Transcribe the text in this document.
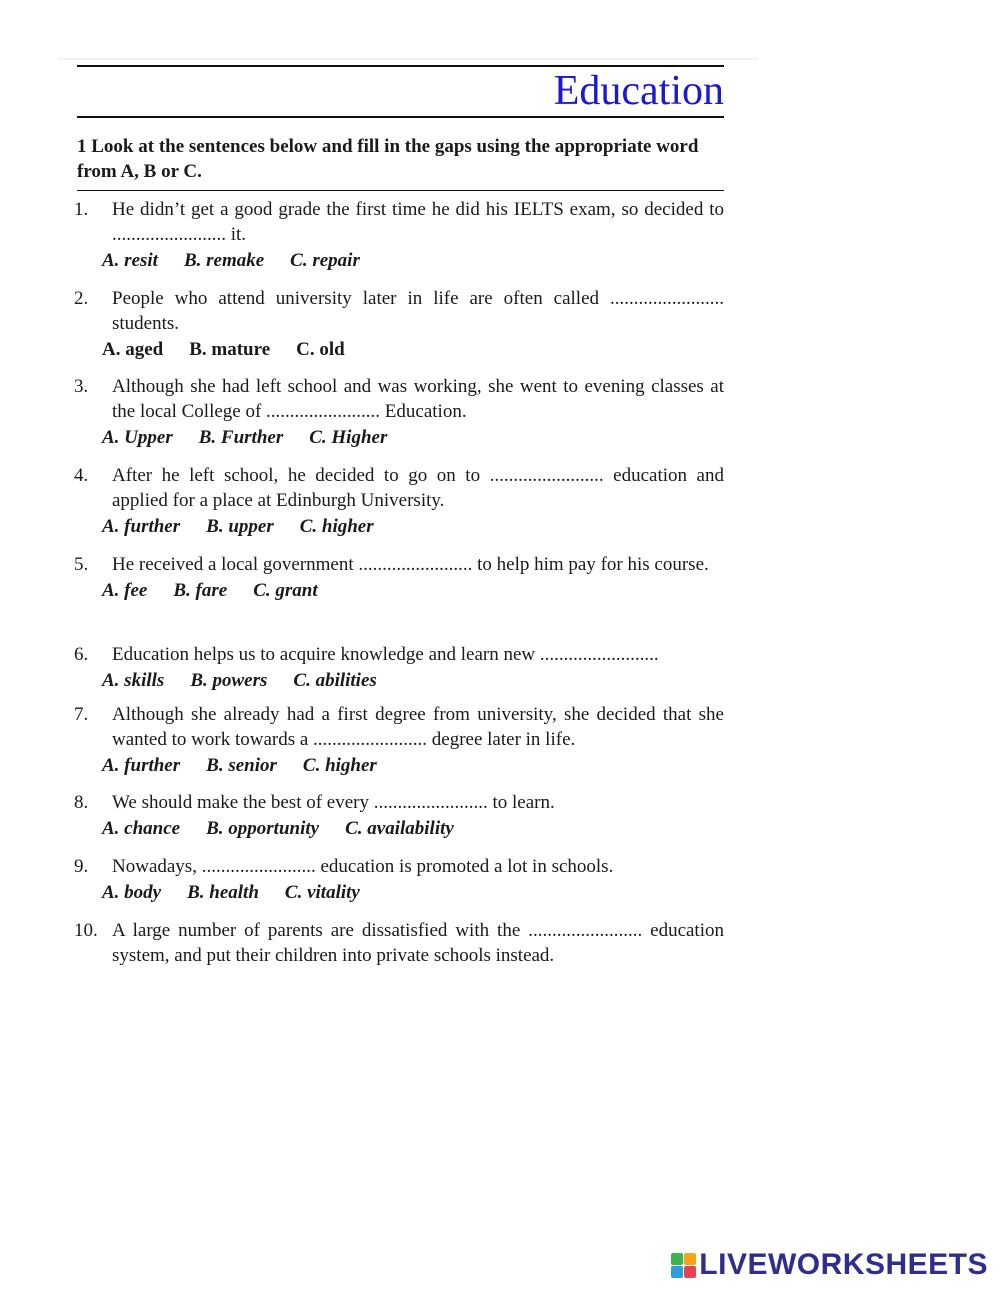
Education
1 Look at the sentences below and fill in the gaps using the appropriate word from A, B or C.
1.	He didn’t get a good grade the first time he did his IELTS exam, so decided to ........................ it.
A. resit B. remake C. repair
2.	People who attend university later in life are often called ........................ students.
A. aged B. mature C. old
3.	Although she had left school and was working, she went to evening classes at the local College of ........................ Education.
A. Upper B. Further C. Higher
4.	After he left school, he decided to go on to ........................ education and applied for a place at Edinburgh University.
A. further B. upper C. higher
5.	He received a local government ........................ to help him pay for his course.
A. fee B. fare C. grant
6.	Education helps us to acquire knowledge and learn new .........................
A. skills B. powers C. abilities
7.	Although she already had a first degree from university, she decided that she wanted to work towards a ........................ degree later in life.
A. further B. senior C. higher
8.	We should make the best of every ........................ to learn.
A. chance B. opportunity C. availability
9.	Nowadays, ........................ education is promoted a lot in schools.
A. body B. health C. vitality
10. A large number of parents are dissatisfied with the ........................ education system, and put their children into private schools instead.
LIVEWORKSHEETS
